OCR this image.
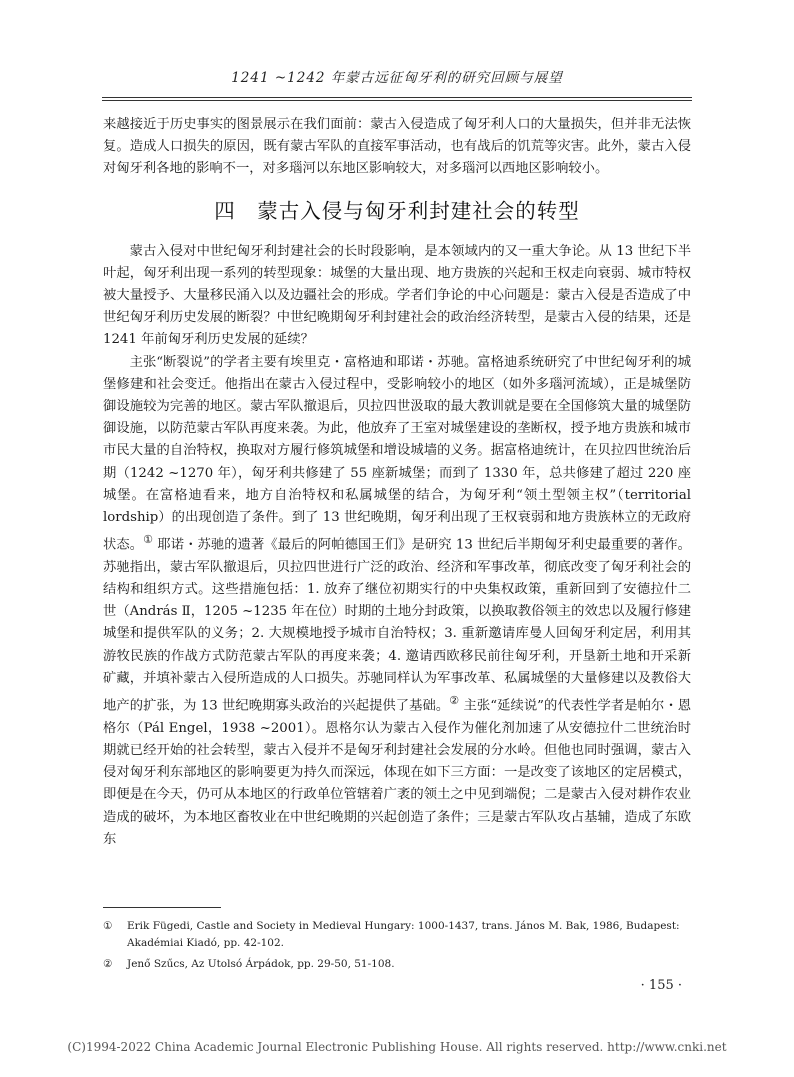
1241 ~1242 年蒙古远征匈牙利的研究回顾与展望

来越接近于历史事实的图景展示在我们面前：蒙古入侵造成了匈牙利人口的大量损失，但并非无法恢复。造成人口损失的原因，既有蒙古军队的直接军事活动，也有战后的饥荒等灾害。此外，蒙古入侵对匈牙利各地的影响不一，对多瑙河以东地区影响较大，对多瑙河以西地区影响较小。

四　蒙古入侵与匈牙利封建社会的转型

蒙古入侵对中世纪匈牙利封建社会的长时段影响，是本领域内的又一重大争论。从 13 世纪下半叶起，匈牙利出现一系列的转型现象：城堡的大量出现、地方贵族的兴起和王权走向衰弱、城市特权被大量授予、大量移民涌入以及边疆社会的形成。学者们争论的中心问题是：蒙古入侵是否造成了中世纪匈牙利历史发展的断裂？中世纪晚期匈牙利封建社会的政治经济转型，是蒙古入侵的结果，还是 1241 年前匈牙利历史发展的延续？

主张“断裂说”的学者主要有埃里克・富格迪和耶诺・苏驰。富格迪系统研究了中世纪匈牙利的城堡修建和社会变迁。他指出在蒙古入侵过程中，受影响较小的地区（如外多瑙河流域），正是城堡防御设施较为完善的地区。蒙古军队撤退后，贝拉四世汲取的最大教训就是要在全国修筑大量的城堡防御设施，以防范蒙古军队再度来袭。为此，他放弃了王室对城堡建设的垄断权，授予地方贵族和城市市民大量的自治特权，换取对方履行修筑城堡和增设城墙的义务。据富格迪统计，在贝拉四世统治后期（1242 ~1270 年），匈牙利共修建了 55 座新城堡；而到了 1330 年，总共修建了超过 220 座城堡。在富格迪看来，地方自治特权和私属城堡的结合，为匈牙利“领土型领主权”（territorial lordship）的出现创造了条件。到了 13 世纪晚期，匈牙利出现了王权衰弱和地方贵族林立的无政府状态。① 耶诺・苏驰的遗著《最后的阿帕德国王们》是研究 13 世纪后半期匈牙利史最重要的著作。苏驰指出，蒙古军队撤退后，贝拉四世进行广泛的政治、经济和军事改革，彻底改变了匈牙利社会的结构和组织方式。这些措施包括：1. 放弃了继位初期实行的中央集权政策，重新回到了安德拉什二世（András Ⅱ，1205 ~1235 年在位）时期的土地分封政策，以换取教俗领主的效忠以及履行修建城堡和提供军队的义务；2. 大规模地授予城市自治特权；3. 重新邀请库曼人回匈牙利定居，利用其游牧民族的作战方式防范蒙古军队的再度来袭；4. 邀请西欧移民前往匈牙利，开垦新土地和开采新矿藏，并填补蒙古入侵所造成的人口损失。苏驰同样认为军事改革、私属城堡的大量修建以及教俗大地产的扩张，为 13 世纪晚期寡头政治的兴起提供了基础。② 主张“延续说”的代表性学者是帕尔・恩格尔（Pál Engel，1938 ~2001）。恩格尔认为蒙古入侵作为催化剂加速了从安德拉什二世统治时期就已经开始的社会转型，蒙古入侵并不是匈牙利封建社会发展的分水岭。但他也同时强调，蒙古入侵对匈牙利东部地区的影响要更为持久而深远，体现在如下三方面：一是改变了该地区的定居模式，即便是在今天，仍可从本地区的行政单位管辖着广袤的领土之中见到端倪；二是蒙古入侵对耕作农业造成的破坏，为本地区畜牧业在中世纪晚期的兴起创造了条件；三是蒙古军队攻占基辅，造成了东欧东

①	Erik Fügedi, Castle and Society in Medieval Hungary: 1000-1437, trans. János M. Bak, 1986, Budapest: Akadémiai Kiadó, pp. 42-102.
②	Jenő Szűcs, Az Utolsó Árpádok, pp. 29-50, 51-108.
· 155 ·
(C)1994-2022 China Academic Journal Electronic Publishing House. All rights reserved. http://www.cnki.net
